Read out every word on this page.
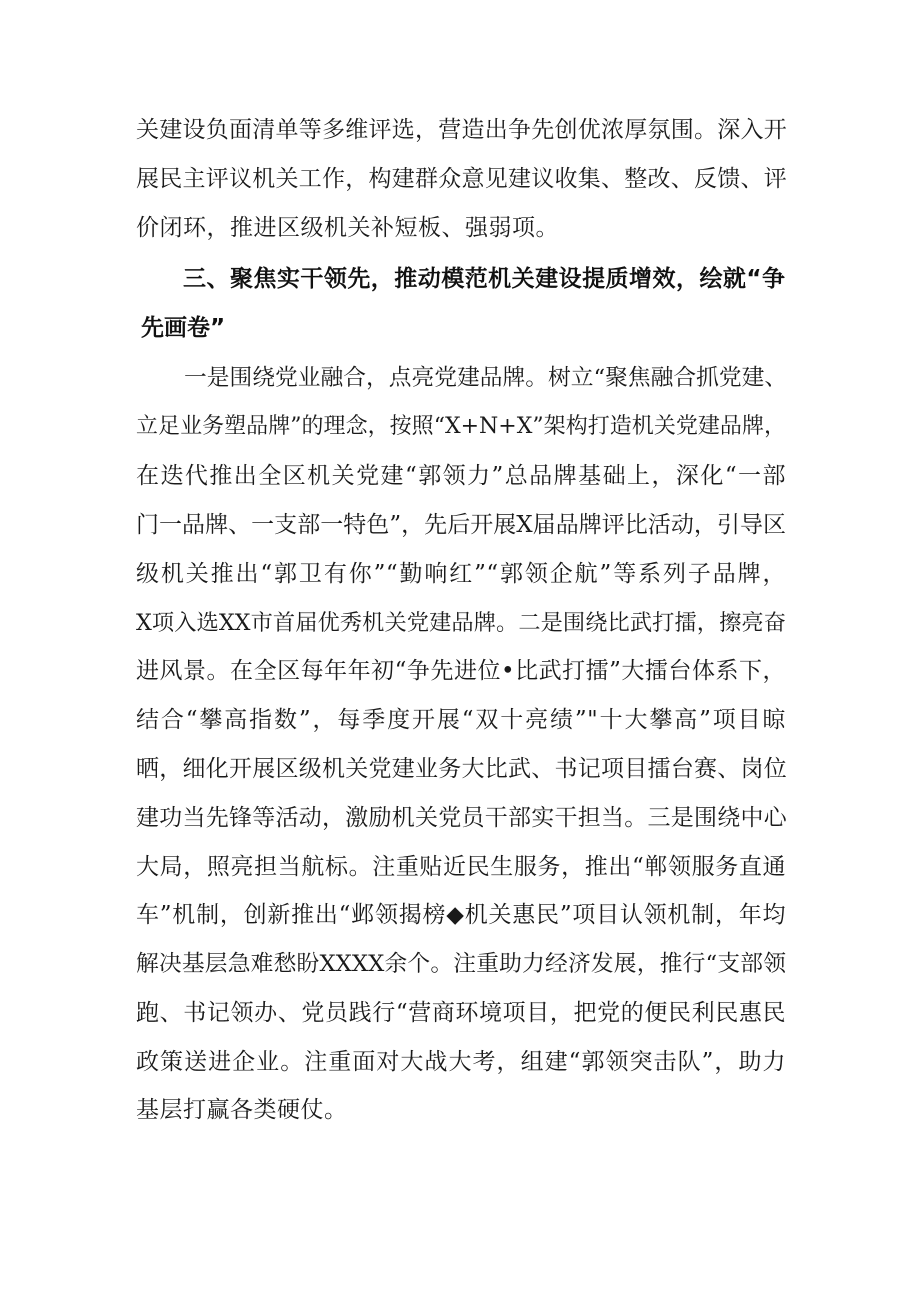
关建设负面清单等多维评选，营造出争先创优浓厚氛围。深入开
展民主评议机关工作，构建群众意见建议收集、整改、反馈、评
价闭环，推进区级机关补短板、强弱项。
三、聚焦实干领先，推动模范机关建设提质增效，绘就“争
先画卷”
一是围绕党业融合，点亮党建品牌。树立“聚焦融合抓党建、
立足业务塑品牌”的理念，按照“X+N+X”架构打造机关党建品牌，
在迭代推出全区机关党建“郭领力”总品牌基础上，深化“一部
门一品牌、一支部一特色”，先后开展X届品牌评比活动，引导区
级机关推出“郭卫有你”“勤响红”“郭领企航”等系列子品牌，
X项入选XX市首届优秀机关党建品牌。二是围绕比武打擂，擦亮奋
进风景。在全区每年年初“争先进位•比武打擂”大擂台体系下，
结合“攀高指数”，每季度开展“双十亮绩”"十大攀高”项目晾
晒，细化开展区级机关党建业务大比武、书记项目擂台赛、岗位
建功当先锋等活动，激励机关党员干部实干担当。三是围绕中心
大局，照亮担当航标。注重贴近民生服务，推出“郸领服务直通
车”机制，创新推出“邺领揭榜◆机关惠民”项目认领机制，年均
解决基层急难愁盼XXXX余个。注重助力经济发展，推行“支部领
跑、书记领办、党员践行“营商环境项目，把党的便民利民惠民
政策送进企业。注重面对大战大考，组建“郭领突击队”，助力
基层打赢各类硬仗。
